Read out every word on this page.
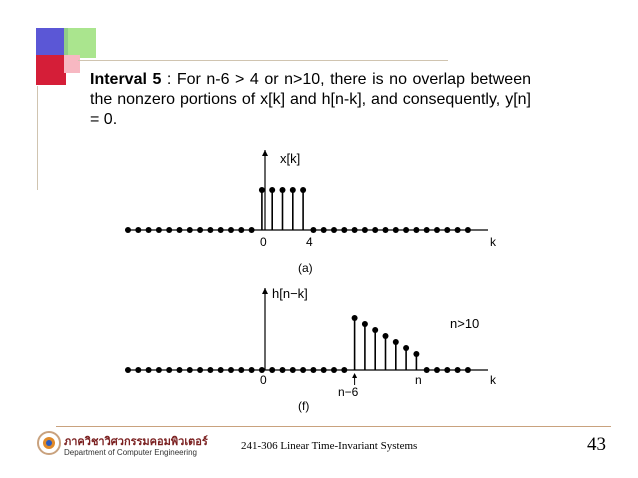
Interval 5 : For n-6 > 4 or n>10, there is no overlap between the nonzero portions of x[k] and h[n-k], and consequently, y[n] = 0.
x[k]
0	4	k
(a)
h[n−k]
n>10
0	n	k
n−6
(f)
ภาควิชาวิศวกรรมคอมพิวเตอร์
Department of Computer Engineering
241-306 Linear Time-Invariant Systems	43
